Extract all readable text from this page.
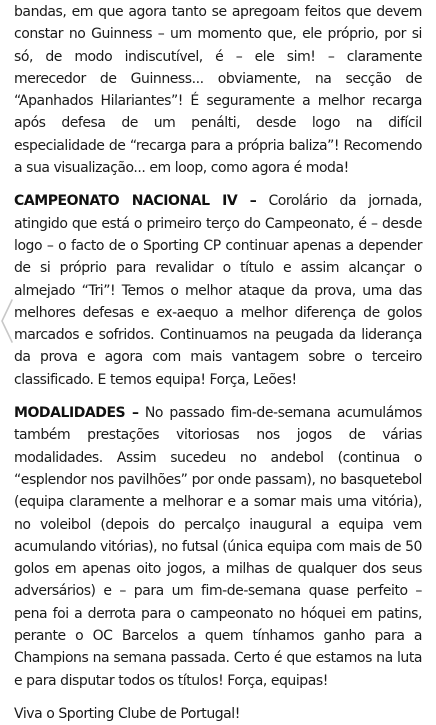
bandas, em que agora tanto se apregoam feitos que devem constar no Guinness – um momento que, ele próprio, por si só, de modo indiscutível, é – ele sim! – claramente merecedor de Guinness... obviamente, na secção de “Apanhados Hilariantes”! É seguramente a melhor recarga após defesa de um penálti, desde logo na difícil especialidade de “recarga para a própria baliza”! Recomendo a sua visualização... em loop, como agora é moda!

CAMPEONATO NACIONAL IV – Corolário da jornada, atingido que está o primeiro terço do Campeonato, é – desde logo – o facto de o Sporting CP continuar apenas a depender de si próprio para revalidar o título e assim alcançar o almejado “Tri”! Temos o melhor ataque da prova, uma das melhores defesas e ex-aequo a melhor diferença de golos marcados e sofridos. Continuamos na peugada da liderança da prova e agora com mais vantagem sobre o terceiro classificado. E temos equipa! Força, Leões!

MODALIDADES – No passado fim-de-semana acumulámos também prestações vitoriosas nos jogos de várias modalidades. Assim sucedeu no andebol (continua o “esplendor nos pavilhões” por onde passam), no basquetebol (equipa claramente a melhorar e a somar mais uma vitória), no voleibol (depois do percalço inaugural a equipa vem acumulando vitórias), no futsal (única equipa com mais de 50 golos em apenas oito jogos, a milhas de qualquer dos seus adversários) e – para um fim-de-semana quase perfeito – pena foi a derrota para o campeonato no hóquei em patins, perante o OC Barcelos a quem tínhamos ganho para a Champions na semana passada. Certo é que estamos na luta e para disputar todos os títulos! Força, equipas!

Viva o Sporting Clube de Portugal!
